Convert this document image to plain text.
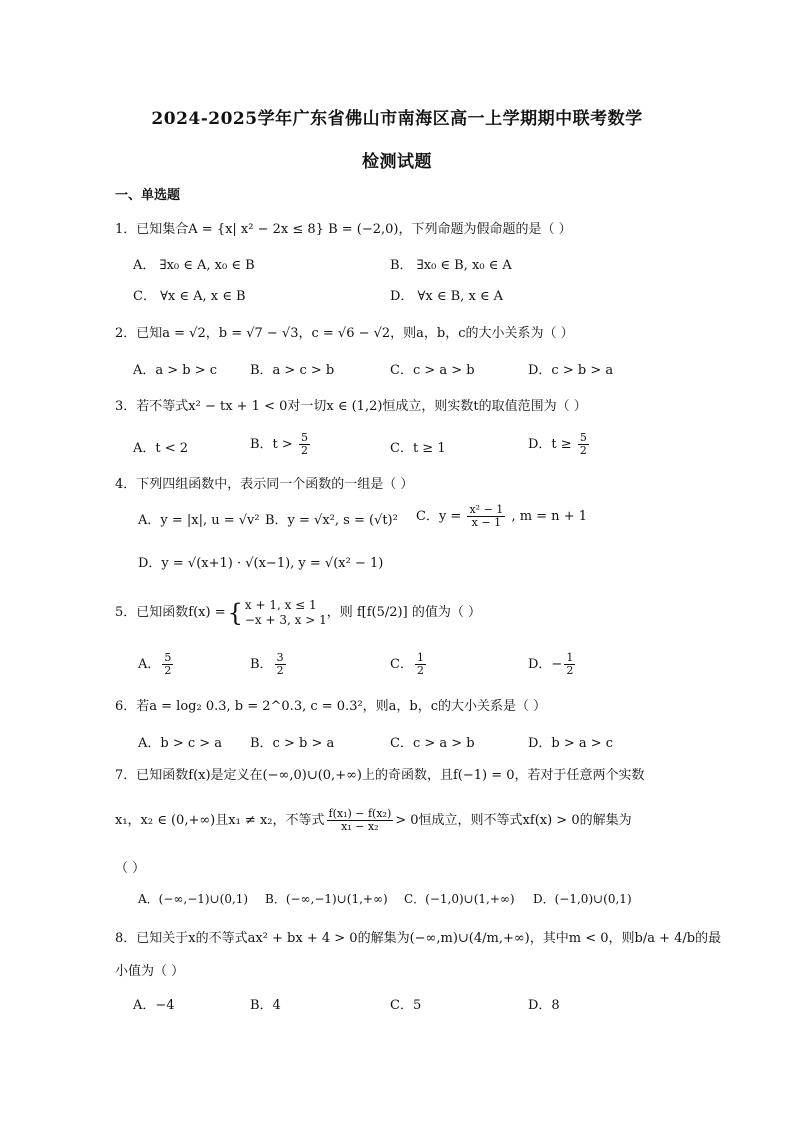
2024-2025学年广东省佛山市南海区高一上学期期中联考数学
检测试题
一、单选题
1．已知集合A = {x| x² − 2x ≤ 8} B = (−2,0)，下列命题为假命题的是（ ）
A． ∃x₀ ∈ A, x₀ ∈ B	B． ∃x₀ ∈ B, x₀ ∈ A
C． ∀x ∈ A, x ∈ B	D． ∀x ∈ B, x ∈ A
2．已知a = √2，b = √7 − √3，c = √6 − √2，则a，b，c的大小关系为（ ）
A．a > b > c	B．a > c > b	C．c > a > b	D．c > b > a
3．若不等式x² − tx + 1 < 0对一切x ∈ (1,2)恒成立，则实数t的取值范围为（ ）
A．t < 2	B．$t > \frac{5}{2}$	C．t ≥ 1	D．$t \ge \frac{5}{2}$
4．下列四组函数中，表示同一个函数的一组是（ ）
A．y = |x|, u = √v² B．y = √x², s = (√t)² C．$y = \frac{\text{x² − 1}}{x - 1}$ , m = n + 1
D．y = √(x+1) · √(x−1), y = √(x² − 1)
5．已知函数f(x) = { x + 1, x ≤ 1
−x + 3, x > 1 ，则 f[f(5/2)] 的值为（ ）
A． $\frac{5}{2}$	B． $\frac{3}{2}$	C． $\frac{1}{2}$	D．− $\frac{1}{2}$
6．若a = log₂ 0.3, b = 2^0.3, c = 0.3²，则a，b，c的大小关系是（ ）
A．b > c > a B．c > b > a	C．c > a > b	D．b > a > c
7．已知函数f(x)是定义在(−∞,0)∪(0,+∞)上的奇函数，且f(−1) = 0，若对于任意两个实数
x₁，x₂ ∈ (0,+∞)且x₁ ≠ x₂，不等式 $\frac{\text{f(x₁) − f(x₂)}}{\text{x₁ − x₂}} > 0$恒成立，则不等式xf(x) > 0的解集为
（ ）
A．(−∞,−1)∪(0,1) B．(−∞,−1)∪(1,+∞) C．(−1,0)∪(1,+∞) D．(−1,0)∪(0,1)
8．已知关于x的不等式ax² + bx + 4 > 0的解集为(−∞,m)∪(4/m,+∞)，其中m < 0，则b/a + 4/b的最
小值为（ ）
A．−4	B．4	C．5	D．8
